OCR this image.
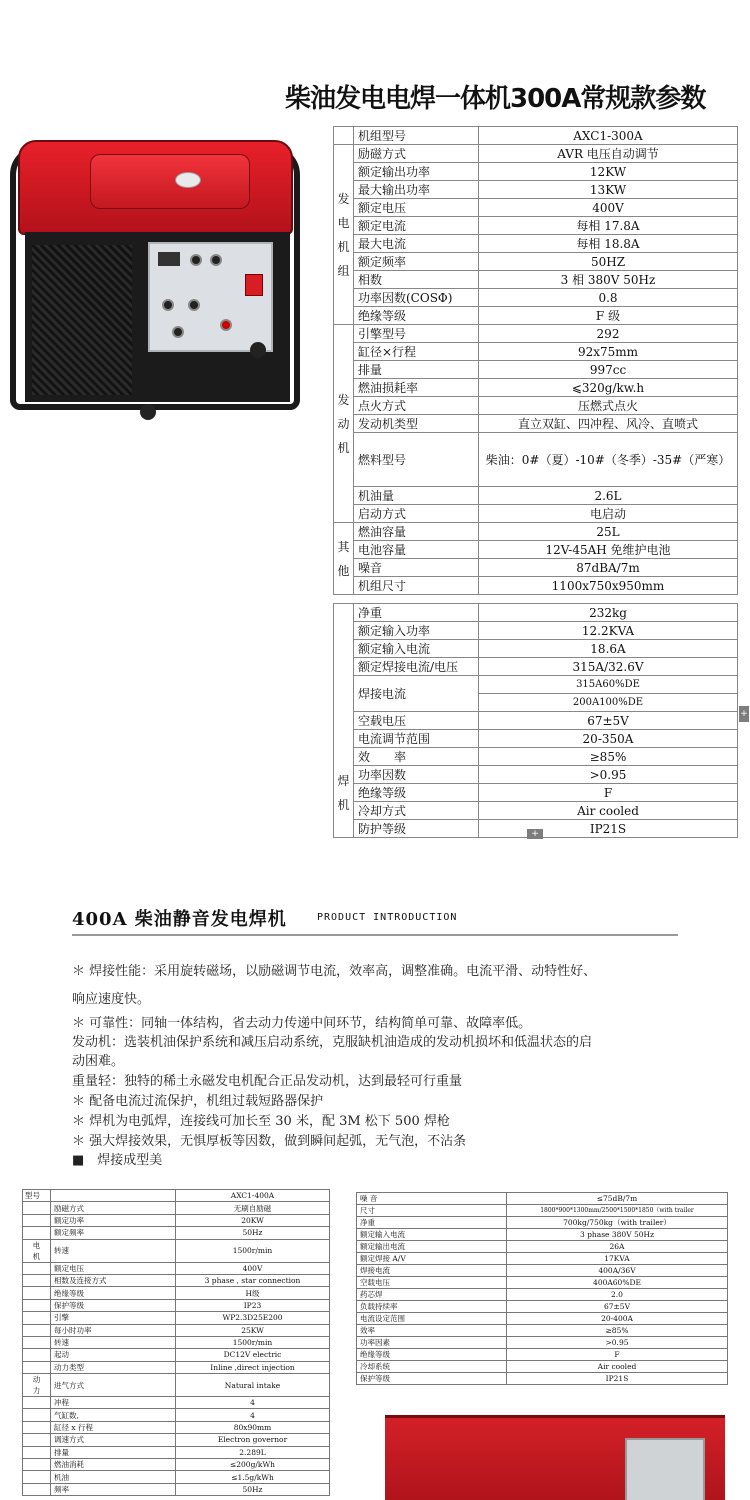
柴油发电电焊一体机300A常规款参数
	机组型号	AXC1-300A
发
电
机
组	励磁方式	AVR 电压自动调节
	额定输出功率	12KW
	最大输出功率	13KW
	额定电压	400V
	额定电流	每相 17.8A
	最大电流	每相 18.8A
	额定频率	50HZ
	相数	3 相 380V 50Hz
	功率因数(COSΦ)	0.8
	绝缘等级	F 级
发
动
机	引擎型号	292
	缸径×行程	92x75mm
	排量	997cc
	燃油损耗率	⩽320g/kw.h
	点火方式	压燃式点火
	发动机类型	直立双缸、四冲程、风冷、直喷式
	燃料型号	柴油：0#（夏）-10#（冬季）-35#（严寒）
	机油量	2.6L
	启动方式	电启动
其
他	燃油容量	25L
	电池容量	12V-45AH 免维护电池
	噪音	87dBA/7m
	机组尺寸	1100x750x950mm
焊
机	净重	232kg
	额定输入功率	12.2KVA
	额定输入电流	18.6A
	额定焊接电流/电压	315A/32.6V
	焊接电流	315A60%DE
		200A100%DE
	空载电压	67±5V
	电流调节范围	20-350A
	效　　率	≥85%
	功率因数	>0.95
	绝缘等级	F
	冷却方式	Air cooled
	防护等级	IP21S
+
+
400A 柴油静音发电焊机	PRODUCT INTRODUCTION
＊ 焊接性能：采用旋转磁场，以励磁调节电流，效率高，调整准确。电流平滑、动特性好、
响应速度快。
＊ 可靠性：同轴一体结构，省去动力传递中间环节，结构简单可靠、故障率低。
发动机：选装机油保护系统和减压启动系统，克服缺机油造成的发动机损坏和低温状态的启
动困难。
重量轻：独特的稀土永磁发电机配合正品发动机，达到最轻可行重量
＊ 配备电流过流保护，机组过载短路器保护
＊ 焊机为电弧焊，连接线可加长至 30 米，配 3M 松下 500 焊枪
＊ 强大焊接效果，无惧厚板等因数，做到瞬间起弧，无气泡，不沾条
■　焊接成型美
型号		AXC1-400A
	励磁方式	无刷自励磁
	额定功率	20KW
	额定频率	50Hz
电
机	转速	1500r/min
	额定电压	400V
	相数及连接方式	3 phase , star connection
	绝缘等级	H级
	保护等级	IP23
	引擎	WP2.3D25E200
	每小时功率	25KW
	转速	1500r/min
	起动	DC12V electric
	动力类型	Inline ,direct injection
动
力	进气方式	Natural intake
	冲程	4
	气缸数,	4
	缸径 x 行程	80x90mm
	调速方式	Electron governor
	排量	2.289L
	燃油消耗	≤200g/kWh
	机油	≤1.5g/kWh
	频率	50Hz
噪 音	≤75dB/7m
尺寸	1800*900*1300mm/2500*1500*1850（with trailer
净重	700kg/750kg（with trailer）
额定输入电流	3 phase 380V 50Hz
额定输出电流	26A
额定焊接 A/V	17KVA
焊接电流	400A/36V
空载电压	400A60%DE
药芯焊	2.0
负载持续率	67±5V
电流设定范围	20-400A
效率	≥85%
功率因素	>0.95
绝缘等级	F
冷却系统	Air cooled
保护等级	IP21S
